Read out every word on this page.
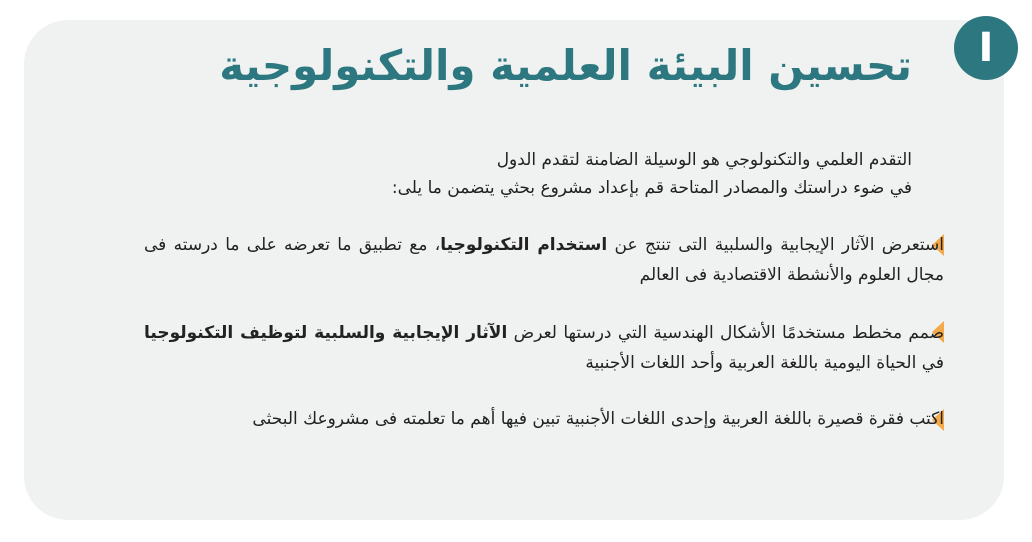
I
تحسين البيئة العلمية والتكنولوجية
التقدم العلمي والتكنولوجي هو الوسيلة الضامنة لتقدم الدول
في ضوء دراستك والمصادر المتاحة قم بإعداد مشروع بحثي يتضمن ما يلى:
استعرض الآثار الإيجابية والسلبية التى تنتج عن استخدام التكنولوجيا، مع تطبيق ما تعرضه على ما درسته فى مجال العلوم والأنشطة الاقتصادية فى العالم
صمم مخطط مستخدمًا الأشكال الهندسية التي درستها لعرض الآثار الإيجابية والسلبية لتوظيف التكنولوجيا في الحياة اليومية باللغة العربية وأحد اللغات الأجنبية
اكتب فقرة قصيرة باللغة العربية وإحدى اللغات الأجنبية تبين فيها أهم ما تعلمته فى مشروعك البحثى
